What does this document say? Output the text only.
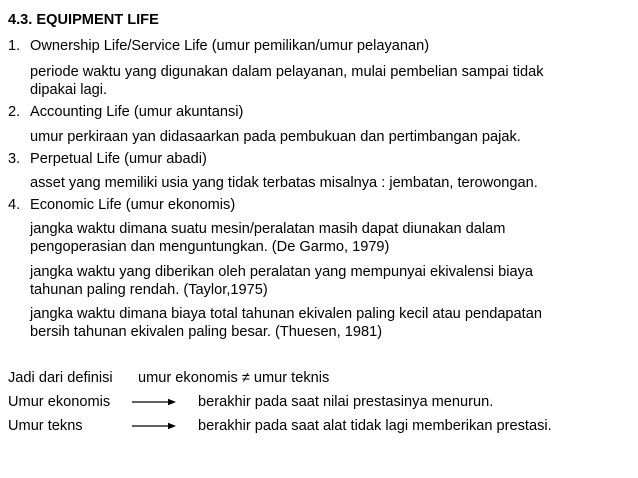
4.3. EQUIPMENT LIFE
1. Ownership Life/Service Life (umur pemilikan/umur pelayanan)
periode waktu yang digunakan dalam pelayanan, mulai pembelian sampai tidak
dipakai lagi.
2. Accounting Life (umur akuntansi)
umur perkiraan yan didasaarkan pada pembukuan dan pertimbangan pajak.
3. Perpetual Life (umur abadi)
asset yang memiliki usia yang tidak terbatas misalnya : jembatan, terowongan.
4. Economic Life (umur ekonomis)
jangka waktu dimana suatu mesin/peralatan masih dapat diunakan dalam
pengoperasian dan menguntungkan. (De Garmo, 1979)
jangka waktu yang diberikan oleh peralatan yang mempunyai ekivalensi biaya
tahunan paling rendah. (Taylor,1975)
jangka waktu dimana biaya total tahunan ekivalen paling kecil atau pendapatan
bersih tahunan ekivalen paling besar. (Thuesen, 1981)
Jadi dari definisi umur ekonomis ≠ umur teknis
Umur ekonomis	berakhir pada saat nilai prestasinya menurun.
Umur tekns	berakhir pada saat alat tidak lagi memberikan prestasi.
